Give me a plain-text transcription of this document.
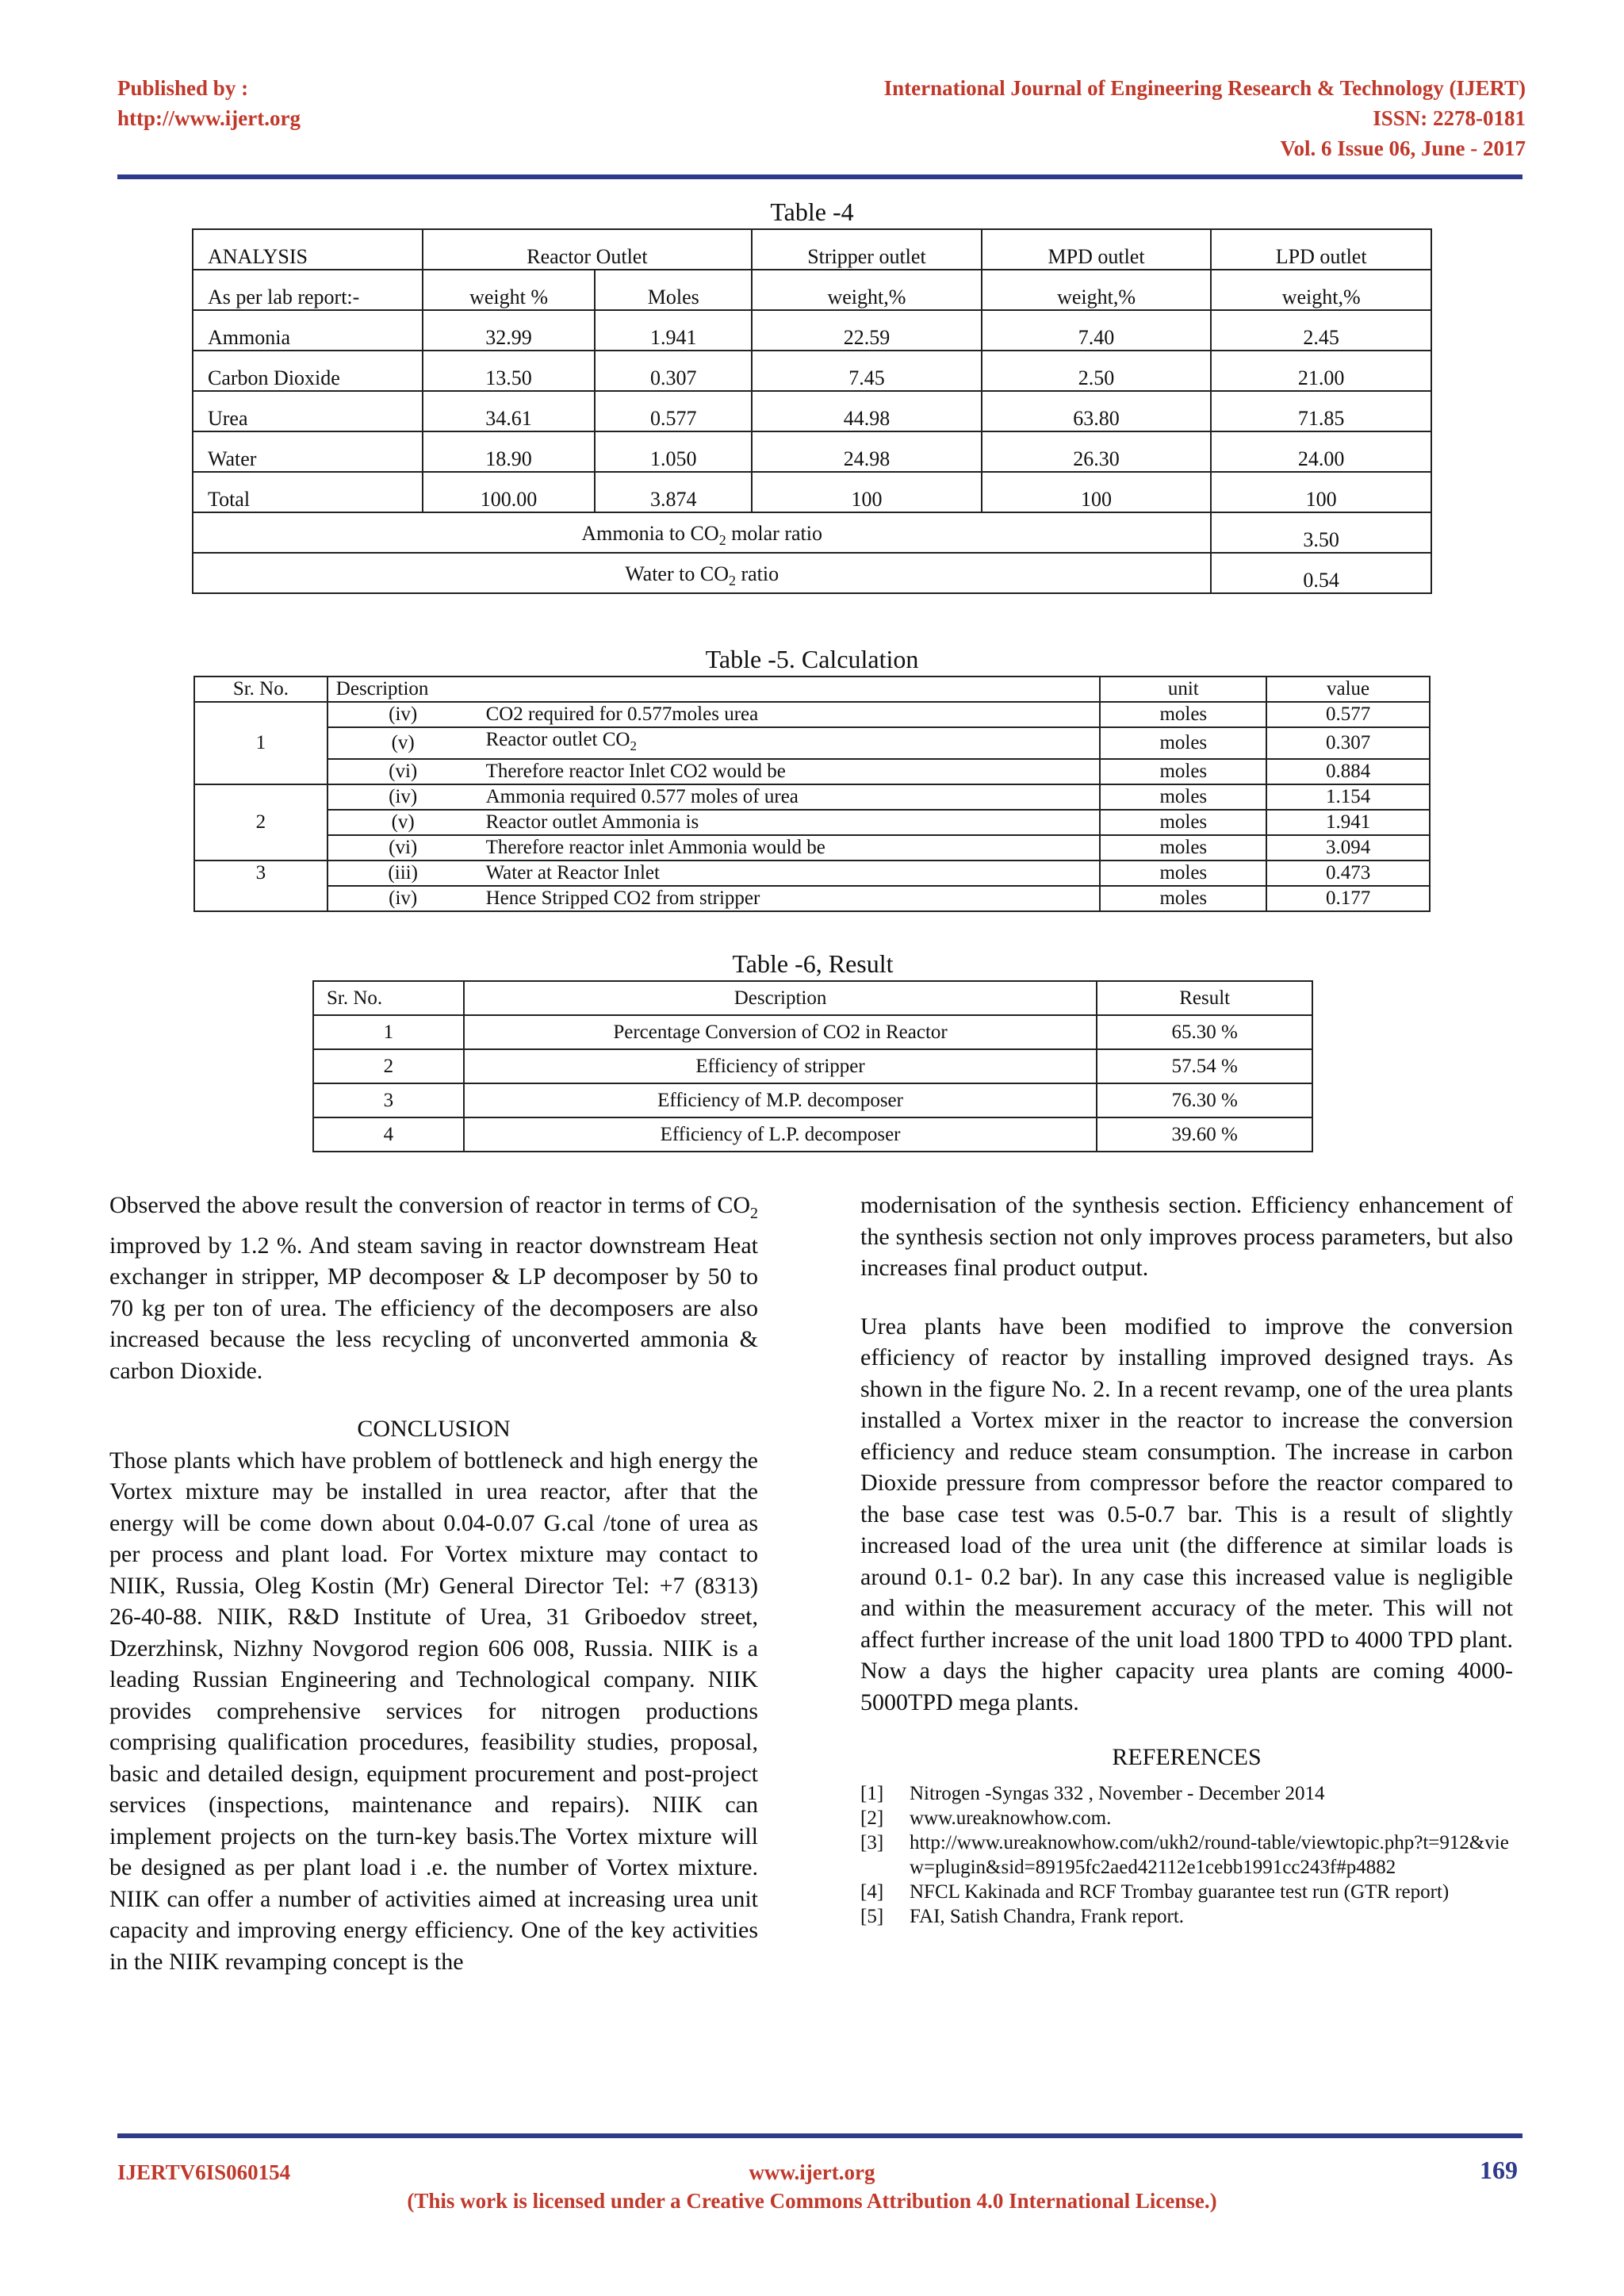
Published by :
http://www.ijert.org
International Journal of Engineering Research & Technology (IJERT)
ISSN: 2278-0181
Vol. 6 Issue 06, June - 2017
Table -4
ANALYSIS	Reactor Outlet		Stripper outlet	MPD outlet	LPD outlet
As per lab report:-	weight %	Moles	weight,%	weight,%	weight,%
Ammonia	32.99	1.941	22.59	7.40	2.45
Carbon Dioxide	13.50	0.307	7.45	2.50	21.00
Urea	34.61	0.577	44.98	63.80	71.85
Water	18.90	1.050	24.98	26.30	24.00
Total	100.00	3.874	100	100	100
Ammonia to $CO_2$ molar ratio					3.50
Water to $CO_2$ ratio					0.54
Table -5. Calculation
Sr. No.	Description		unit	value
1	(iv)	CO2 required for 0.577moles urea	moles	0.577
	(v)	Reactor outlet $CO_2$	moles	0.307
	(vi)	Therefore reactor Inlet CO2 would be	moles	0.884
2	(iv)	Ammonia required 0.577 moles of urea	moles	1.154
	(v)	Reactor outlet Ammonia is	moles	1.941
	(vi)	Therefore reactor inlet Ammonia would be	moles	3.094
3	(iii)	Water at Reactor Inlet	moles	0.473
	(iv)	Hence Stripped CO2 from stripper	moles	0.177
Table -6, Result
Sr. No.	Description	Result
1	Percentage Conversion of CO2 in Reactor	65.30 %
2	Efficiency of stripper	57.54 %
3	Efficiency of M.P. decomposer	76.30 %
4	Efficiency of L.P. decomposer	39.60 %

Observed the above result the conversion of reactor in terms of $CO_2$ improved by 1.2 %. And steam saving in reactor downstream Heat exchanger in stripper, MP decomposer & LP decomposer by 50 to 70 kg per ton of urea. The efficiency of the decomposers are also increased because the less recycling of unconverted ammonia & carbon Dioxide.

CONCLUSION

Those plants which have problem of bottleneck and high energy the Vortex mixture may be installed in urea reactor, after that the energy will be come down about 0.04-0.07 G.cal /tone of urea as per process and plant load. For Vortex mixture may contact to NIIK, Russia, Oleg Kostin (Mr) General Director Tel: +7 (8313) 26-40-88. NIIK, R&D Institute of Urea, 31 Griboedov street, Dzerzhinsk, Nizhny Novgorod region 606 008, Russia. NIIK is a leading Russian Engineering and Technological company. NIIK provides comprehensive services for nitrogen productions comprising qualification procedures, feasibility studies, proposal, basic and detailed design, equipment procurement and post-project services (inspections, maintenance and repairs). NIIK can implement projects on the turn-key basis.The Vortex mixture will be designed as per plant load i .e. the number of Vortex mixture. NIIK can offer a number of activities aimed at increasing urea unit capacity and improving energy efficiency. One of the key activities in the NIIK revamping concept is the

modernisation of the synthesis section. Efficiency enhancement of the synthesis section not only improves process parameters, but also increases final product output.

Urea plants have been modified to improve the conversion efficiency of reactor by installing improved designed trays. As shown in the figure No. 2. In a recent revamp, one of the urea plants installed a Vortex mixer in the reactor to increase the conversion efficiency and reduce steam consumption. The increase in carbon Dioxide pressure from compressor before the reactor compared to the base case test was 0.5-0.7 bar. This is a result of slightly increased load of the urea unit (the difference at similar loads is around 0.1- 0.2 bar). In any case this increased value is negligible and within the measurement accuracy of the meter. This will not affect further increase of the unit load 1800 TPD to 4000 TPD plant. Now a days the higher capacity urea plants are coming 4000-5000TPD mega plants.

REFERENCES
[1]	Nitrogen -Syngas 332 , November - December 2014
[2]	www.ureaknowhow.com.
[3]	http://www.ureaknowhow.com/ukh2/round-table/viewtopic.php?t=912&view=plugin&sid=89195fc2aed42112e1cebb1991cc243f#p4882
[4]	NFCL Kakinada and RCF Trombay guarantee test run (GTR report)
[5]	FAI, Satish Chandra, Frank report.
IJERTV6IS060154	www.ijert.org
(This work is licensed under a Creative Commons Attribution 4.0 International License.)
169
